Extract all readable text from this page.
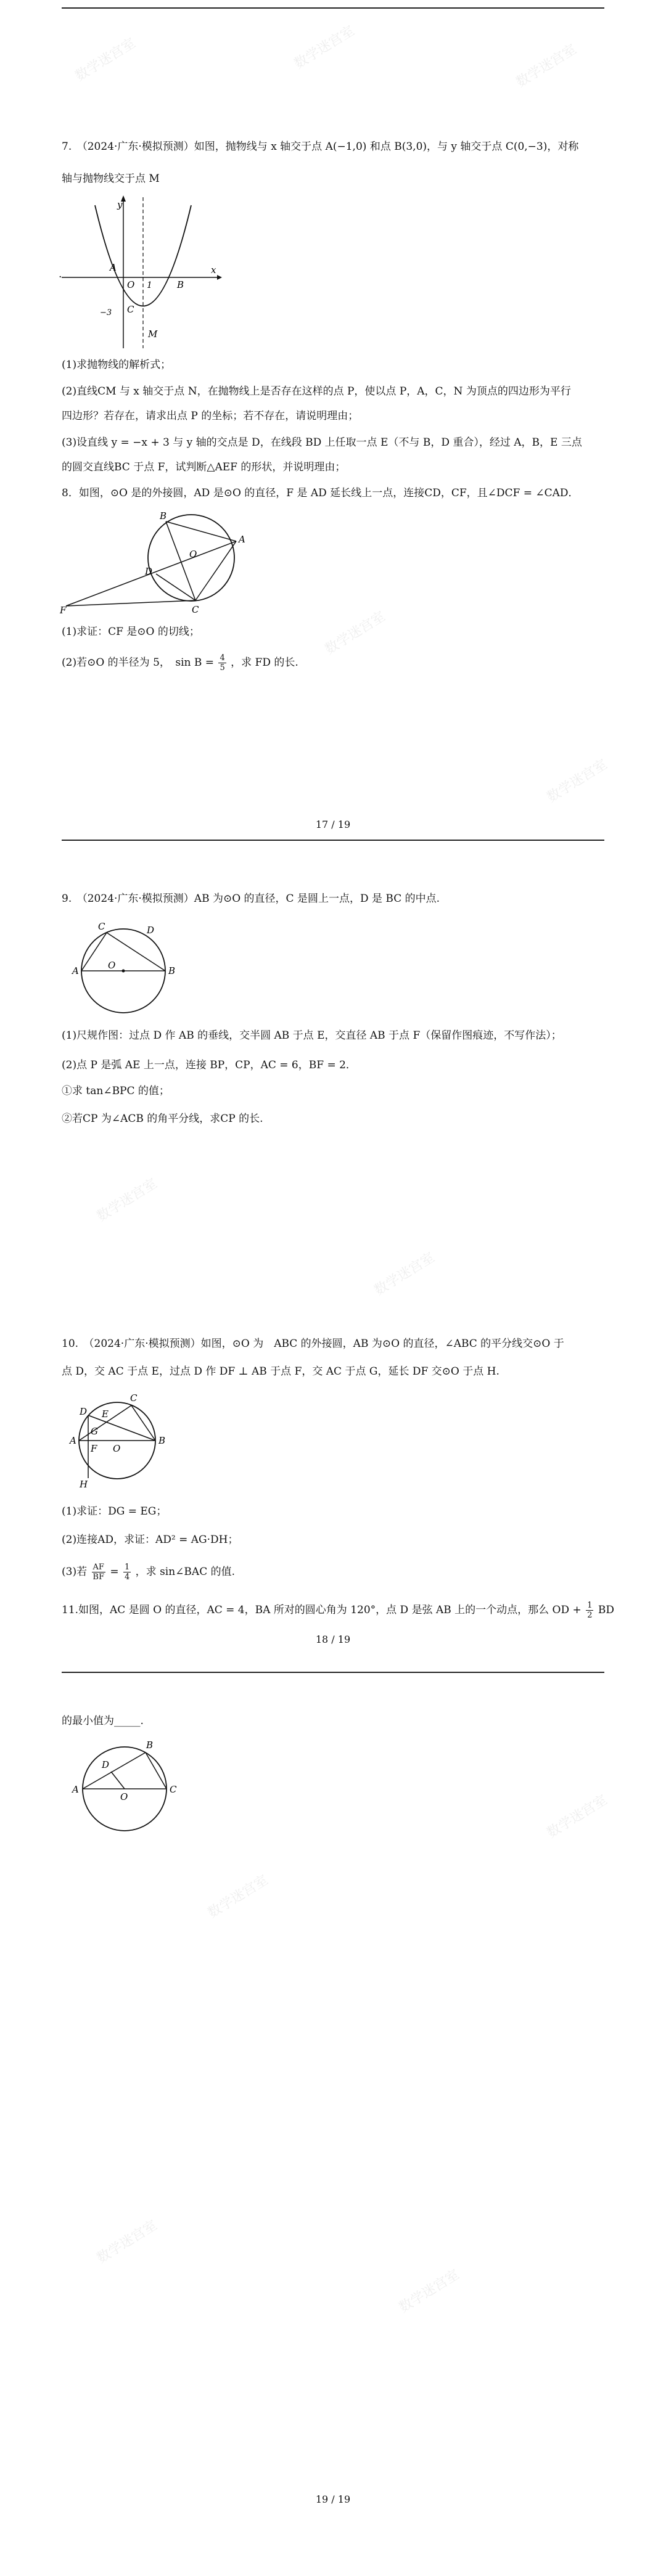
数学迷宫室	数学迷宫室	数学迷宫室
数学迷宫室
数学迷宫室
数学迷宫室
数学迷宫室
数学迷宫室
数学迷宫室
数学迷宫室
数学迷宫室
7.　（2024·广东·模拟预测）如图，抛物线与 x 轴交于点 A(−1,0) 和点 B(3,0)，与 y 轴交于点 C(0,−3)，对称
轴与抛物线交于点 M
y
x
A
O 1	B
C
−3
M
.
(1)求抛物线的解析式；
(2)直线CM 与 x 轴交于点 N，在抛物线上是否存在这样的点 P，使以点 P，A，C，N 为顶点的四边形为平行
四边形？若存在，请求出点 P 的坐标；若不存在，请说明理由；
(3)设直线 y = −x + 3 与 y 轴的交点是 D，在线段 BD 上任取一点 E（不与 B，D 重合），经过 A，B，E 三点
的圆交直线BC 于点 F，试判断△AEF 的形状，并说明理由；
8．如图，⊙O 是的外接圆，AD 是⊙O 的直径，F 是 AD 延长线上一点，连接CD，CF，且∠DCF = ∠CAD．
B
A
O
D
F	C
(1)求证：CF 是⊙O 的切线；
(2)若⊙O 的半径为 5，　$\sin B = \frac{4}{5}$ ，求 FD 的长.
17 / 19
9.　（2024·广东·模拟预测）AB 为⊙O 的直径，C 是圆上一点，D 是 BC 的中点.
C	D
A	O	B
(1)尺规作图：过点 D 作 AB 的垂线，交半圆 AB 于点 E，交直径 AB 于点 F（保留作图痕迹，不写作法）；
(2)点 P 是弧 AE 上一点，连接 BP，CP，AC = 6，BF = 2．
①求 tan∠BPC 的值；
②若CP 为∠ACB 的角平分线，求CP 的长.
10.　（2024·广东·模拟预测）如图，⊙O 为　ABC 的外接圆，AB 为⊙O 的直径，∠ABC 的平分线交⊙O 于
点 D，交 AC 于点 E，过点 D 作 DF ⊥ AB 于点 F，交 AC 于点 G，延长 DF 交⊙O 于点 H.
D E
C
G
A
F O
B
H
(1)求证：DG = EG；
(2)连接AD，求证：AD² = AG·DH；
(3)若 $\frac{AF}{BF} = \frac{1}{4}$ ，求 sin∠BAC 的值.
11.如图，AC 是圆 O 的直径，AC = 4，BA 所对的圆心角为 120°，点 D 是弦 AB 上的一个动点，那么 OD + $\frac{1}{2}$ BD
18 / 19
的最小值为_____.
B
D
A
O
C
19 / 19
